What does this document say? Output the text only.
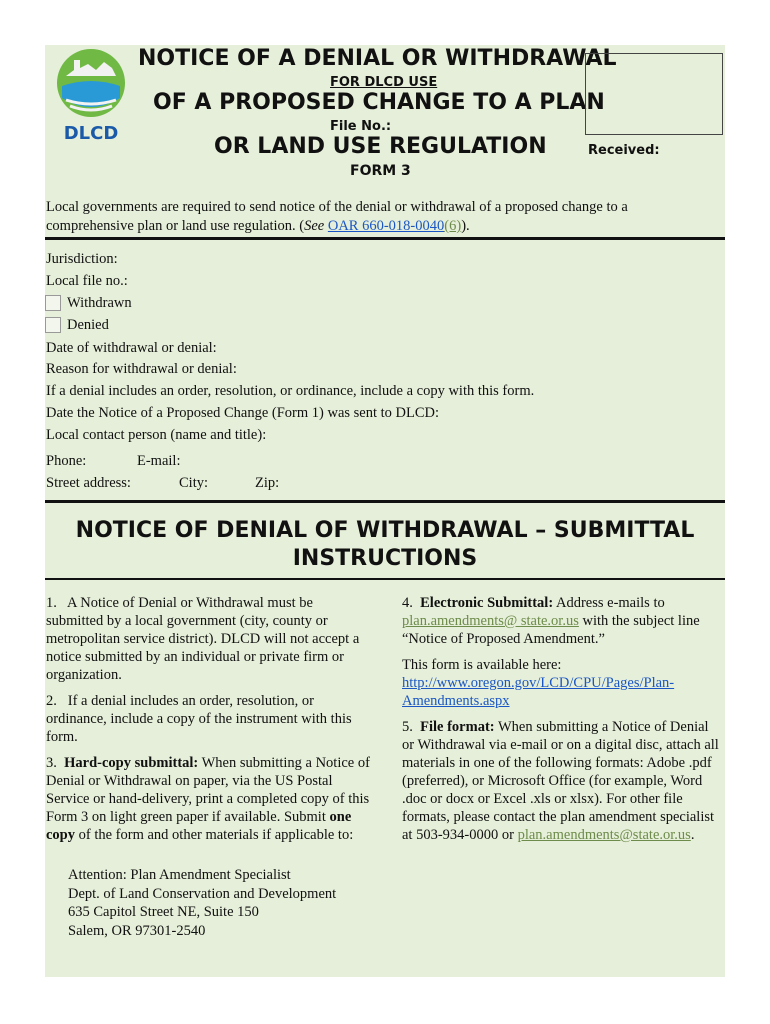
DLCD
NOTICE OF A DENIAL OR WITHDRAWAL
FOR DLCD USE
OF A PROPOSED CHANGE TO A PLAN
File No.:
OR LAND USE REGULATION	Received:
FORM 3
Local governments are required to send notice of the denial or withdrawal of a proposed change to a comprehensive plan or land use regulation. (See OAR 660-018-0040(6)).
Jurisdiction:
Local file no.:
Withdrawn
Denied
Date of withdrawal or denial:
Reason for withdrawal or denial:
If a denial includes an order, resolution, or ordinance, include a copy with this form.
Date the Notice of a Proposed Change (Form 1) was sent to DLCD:
Local contact person (name and title):
Phone:	E-mail:
Street address:	City:	Zip:
NOTICE OF DENIAL OF WITHDRAWAL – SUBMITTAL
INSTRUCTIONS

1.   A Notice of Denial or Withdrawal must be submitted by a local government (city, county or metropolitan service district). DLCD will not accept a notice submitted by an individual or private firm or organization.

2.   If a denial includes an order, resolution, or ordinance, include a copy of the instrument with this form.

3.  Hard-copy submittal: When submitting a Notice of Denial or Withdrawal on paper, via the US Postal Service or hand-delivery, print a completed copy of this Form 3 on light green paper if available. Submit one copy of the form and other materials if applicable to:

Attention: Plan Amendment Specialist
Dept. of Land Conservation and Development
635 Capitol Street NE, Suite 150
Salem, OR 97301-2540

4.  Electronic Submittal: Address e-mails to plan.amendments@ state.or.us with the subject line “Notice of Proposed Amendment.”

This form is available here:
http://www.oregon.gov/LCD/CPU/Pages/Plan-Amendments.aspx

5.  File format: When submitting a Notice of Denial or Withdrawal via e-mail or on a digital disc, attach all materials in one of the following formats: Adobe .pdf (preferred), or Microsoft Office (for example, Word .doc or docx or Excel .xls or xlsx). For other file formats, please contact the plan amendment specialist at 503-934-0000 or plan.amendments@state.or.us.
